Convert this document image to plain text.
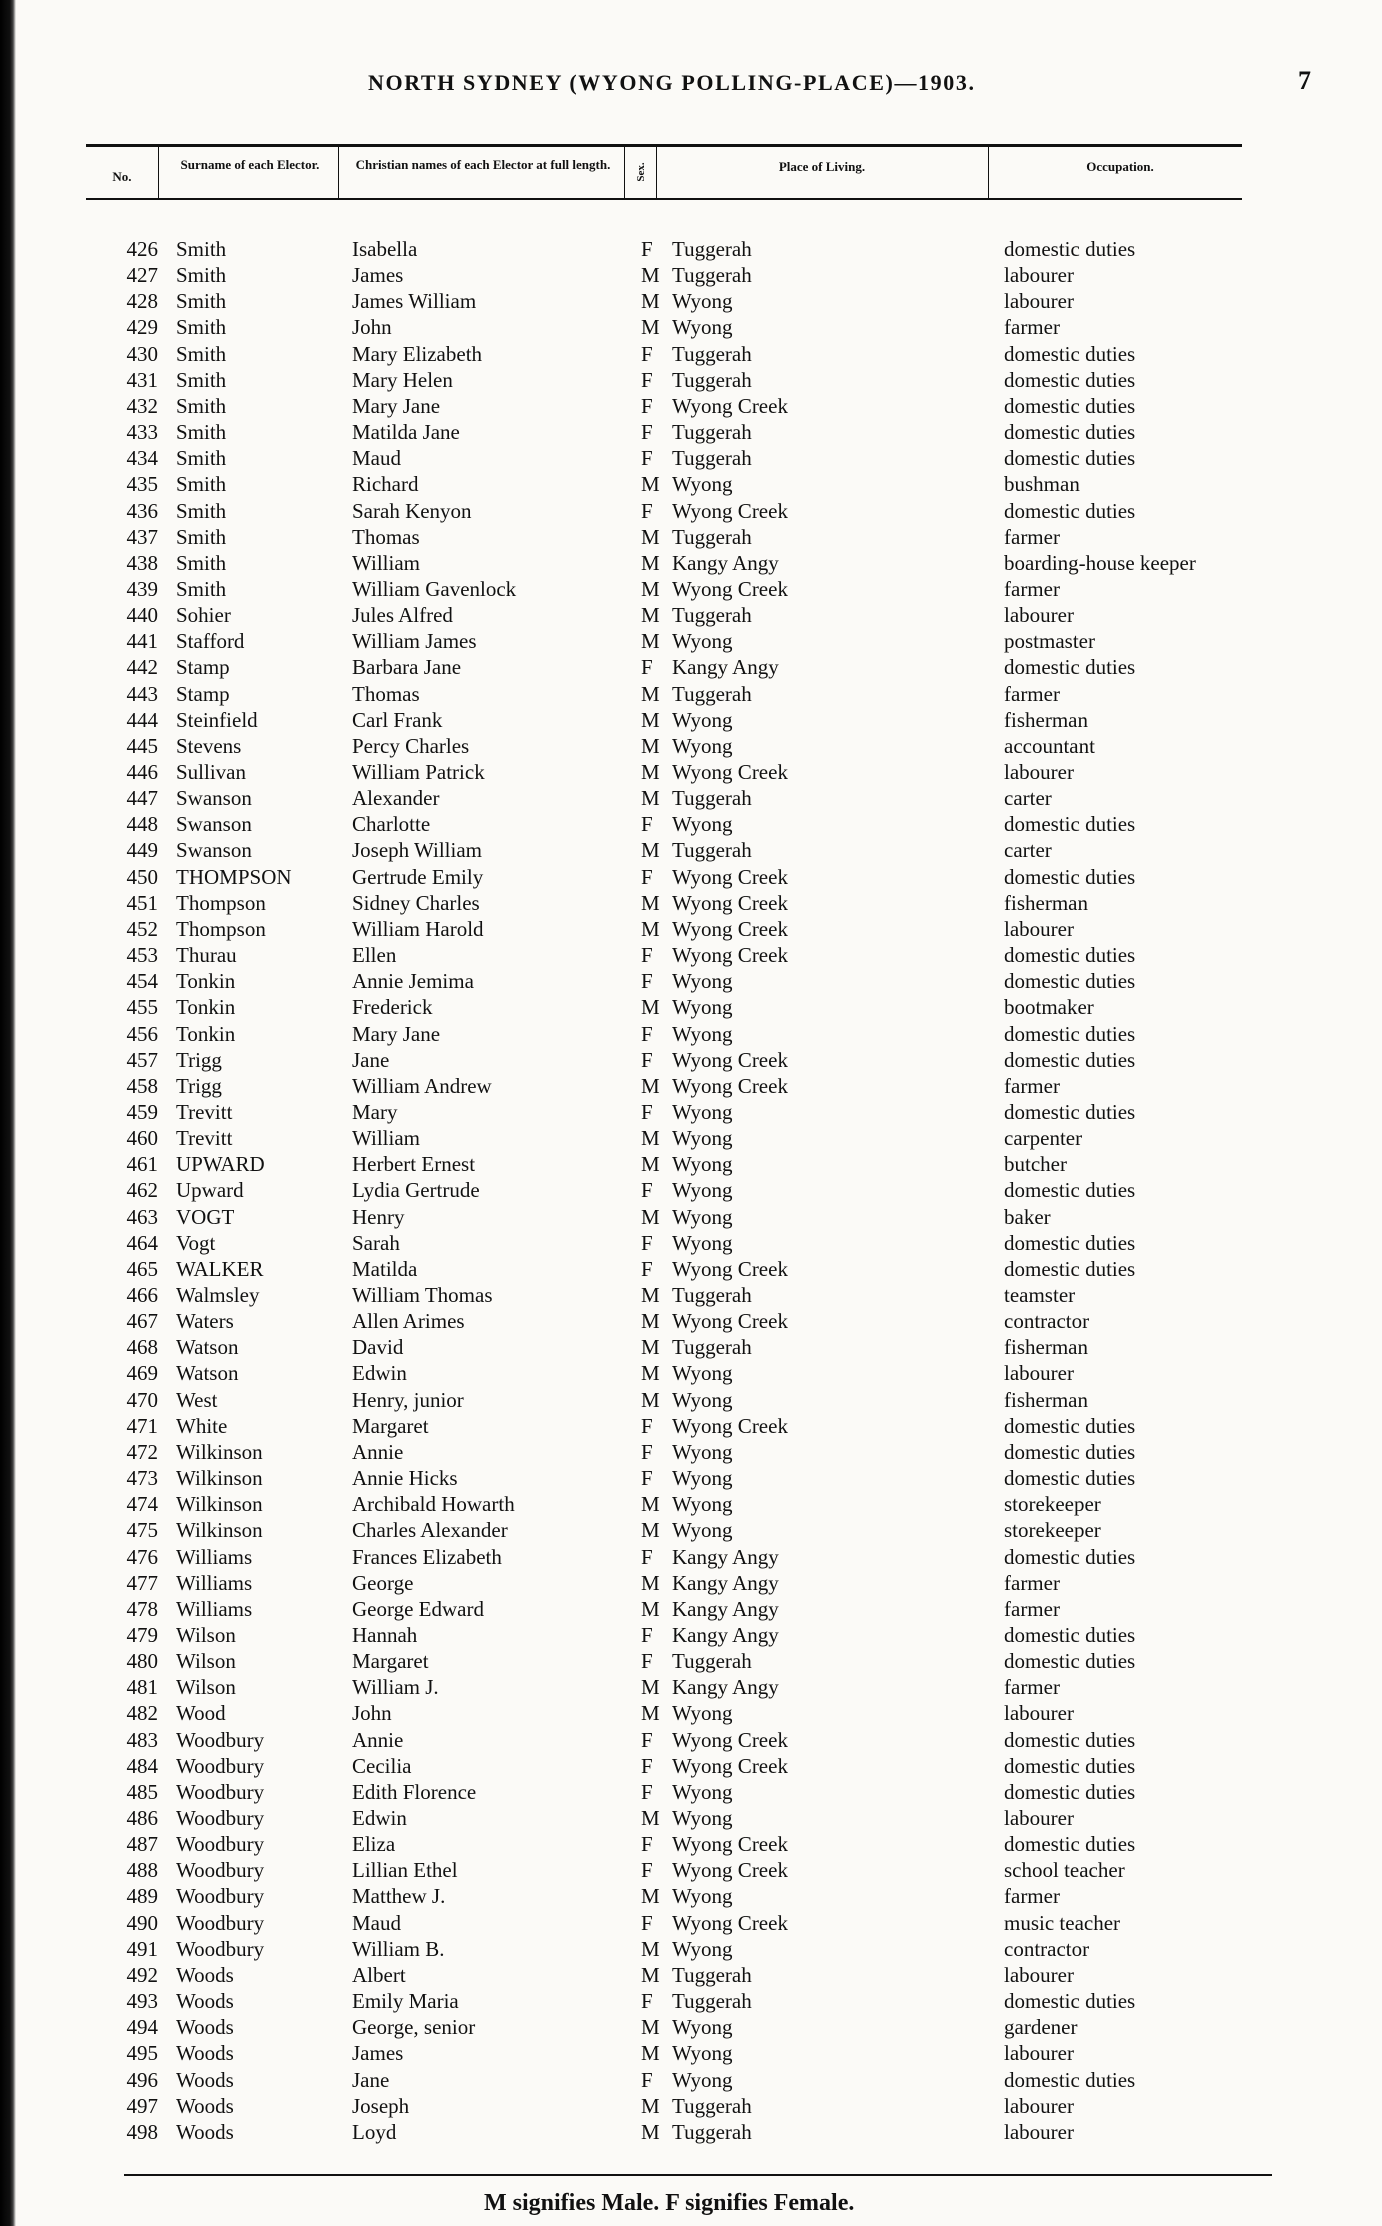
NORTH SYDNEY (WYONG POLLING-PLACE)—1903.	7
No.
Surname of each Elector.	Christian names of each Elector at full length.	Sex.	Place of Living.	Occupation.
426 Smith	Isabella	F Tuggerah	domestic duties
427 Smith	James	M Tuggerah	labourer
428 Smith	James William	M Wyong	labourer
429 Smith	John	M Wyong	farmer
430 Smith	Mary Elizabeth	F Tuggerah	domestic duties
431 Smith	Mary Helen	F Tuggerah	domestic duties
432 Smith	Mary Jane	F Wyong Creek	domestic duties
433 Smith	Matilda Jane	F Tuggerah	domestic duties
434 Smith	Maud	F Tuggerah	domestic duties
435 Smith	Richard	M Wyong	bushman
436 Smith	Sarah Kenyon	F Wyong Creek	domestic duties
437 Smith	Thomas	M Tuggerah	farmer
438 Smith	William	M Kangy Angy	boarding-house keeper
439 Smith	William Gavenlock	M Wyong Creek	farmer
440 Sohier	Jules Alfred	M Tuggerah	labourer
441 Stafford	William James	M Wyong	postmaster
442 Stamp	Barbara Jane	F Kangy Angy	domestic duties
443 Stamp	Thomas	M Tuggerah	farmer
444 Steinfield	Carl Frank	M Wyong	fisherman
445 Stevens	Percy Charles	M Wyong	accountant
446 Sullivan	William Patrick	M Wyong Creek	labourer
447 Swanson	Alexander	M Tuggerah	carter
448 Swanson	Charlotte	F Wyong	domestic duties
449 Swanson	Joseph William	M Tuggerah	carter
450 THOMPSON	Gertrude Emily	F Wyong Creek	domestic duties
451 Thompson	Sidney Charles	M Wyong Creek	fisherman
452 Thompson	William Harold	M Wyong Creek	labourer
453 Thurau	Ellen	F Wyong Creek	domestic duties
454 Tonkin	Annie Jemima	F Wyong	domestic duties
455 Tonkin	Frederick	M Wyong	bootmaker
456 Tonkin	Mary Jane	F Wyong	domestic duties
457 Trigg	Jane	F Wyong Creek	domestic duties
458 Trigg	William Andrew	M Wyong Creek	farmer
459 Trevitt	Mary	F Wyong	domestic duties
460 Trevitt	William	M Wyong	carpenter
461 UPWARD	Herbert Ernest	M Wyong	butcher
462 Upward	Lydia Gertrude	F Wyong	domestic duties
463 VOGT	Henry	M Wyong	baker
464 Vogt	Sarah	F Wyong	domestic duties
465 WALKER	Matilda	F Wyong Creek	domestic duties
466 Walmsley	William Thomas	M Tuggerah	teamster
467 Waters	Allen Arimes	M Wyong Creek	contractor
468 Watson	David	M Tuggerah	fisherman
469 Watson	Edwin	M Wyong	labourer
470 West	Henry, junior	M Wyong	fisherman
471 White	Margaret	F Wyong Creek	domestic duties
472 Wilkinson	Annie	F Wyong	domestic duties
473 Wilkinson	Annie Hicks	F Wyong	domestic duties
474 Wilkinson	Archibald Howarth	M Wyong	storekeeper
475 Wilkinson	Charles Alexander	M Wyong	storekeeper
476 Williams	Frances Elizabeth	F Kangy Angy	domestic duties
477 Williams	George	M Kangy Angy	farmer
478 Williams	George Edward	M Kangy Angy	farmer
479 Wilson	Hannah	F Kangy Angy	domestic duties
480 Wilson	Margaret	F Tuggerah	domestic duties
481 Wilson	William J.	M Kangy Angy	farmer
482 Wood	John	M Wyong	labourer
483 Woodbury	Annie	F Wyong Creek	domestic duties
484 Woodbury	Cecilia	F Wyong Creek	domestic duties
485 Woodbury	Edith Florence	F Wyong	domestic duties
486 Woodbury	Edwin	M Wyong	labourer
487 Woodbury	Eliza	F Wyong Creek	domestic duties
488 Woodbury	Lillian Ethel	F Wyong Creek	school teacher
489 Woodbury	Matthew J.	M Wyong	farmer
490 Woodbury	Maud	F Wyong Creek	music teacher
491 Woodbury	William B.	M Wyong	contractor
492 Woods	Albert	M Tuggerah	labourer
493 Woods	Emily Maria	F Tuggerah	domestic duties
494 Woods	George, senior	M Wyong	gardener
495 Woods	James	M Wyong	labourer
496 Woods	Jane	F Wyong	domestic duties
497 Woods	Joseph	M Tuggerah	labourer
498 Woods	Loyd	M Tuggerah	labourer
M signifies Male. F signifies Female.
